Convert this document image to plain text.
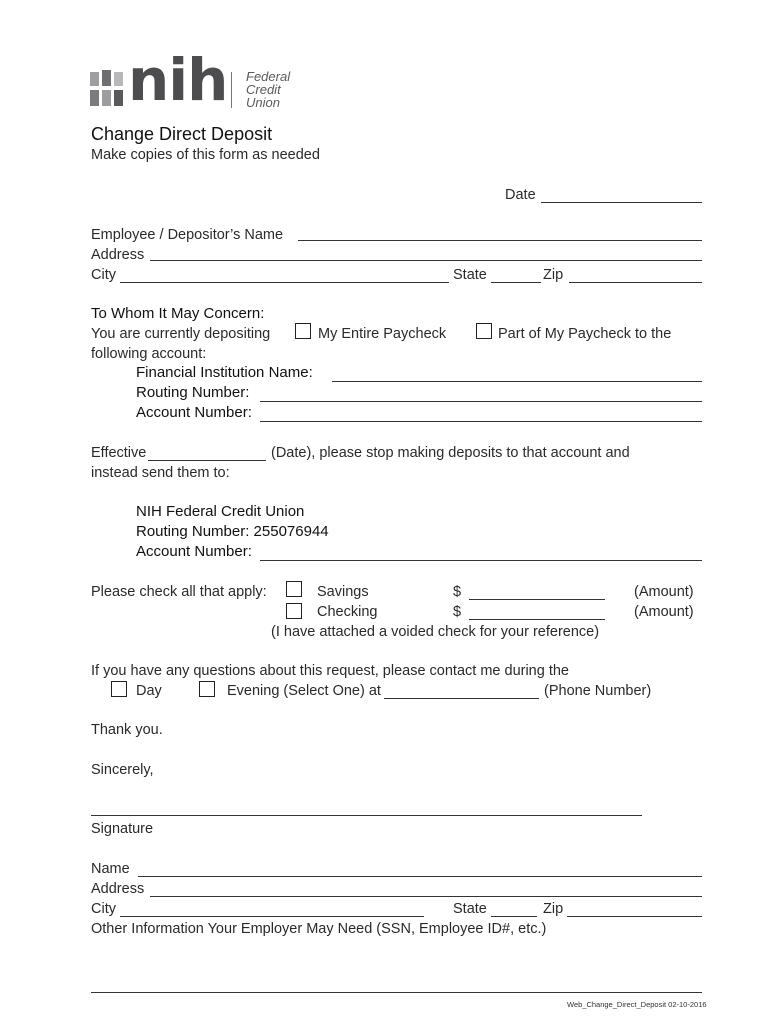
nih Federal
Credit
Union
Change Direct Deposit
Make copies of this form as needed
Date
Employee / Depositor’s Name
Address
City	State	Zip
To Whom It May Concern:
You are currently depositing	My Entire Paycheck	Part of My Paycheck to the
following account:
Financial Institution Name:
Routing Number:
Account Number:
Effective	(Date), please stop making deposits to that account and
instead send them to:
NIH Federal Credit Union
Routing Number: 255076944
Account Number:
Please check all that apply:	Savings	$	(Amount)
Checking	$	(Amount)
(I have attached a voided check for your reference)
If you have any questions about this request, please contact me during the
Day	Evening (Select One) at	(Phone Number)
Thank you.
Sincerely,
Signature
Name
Address
City	State	Zip
Other Information Your Employer May Need (SSN, Employee ID#, etc.)
Web_Change_Direct_Deposit 02-10-2016
